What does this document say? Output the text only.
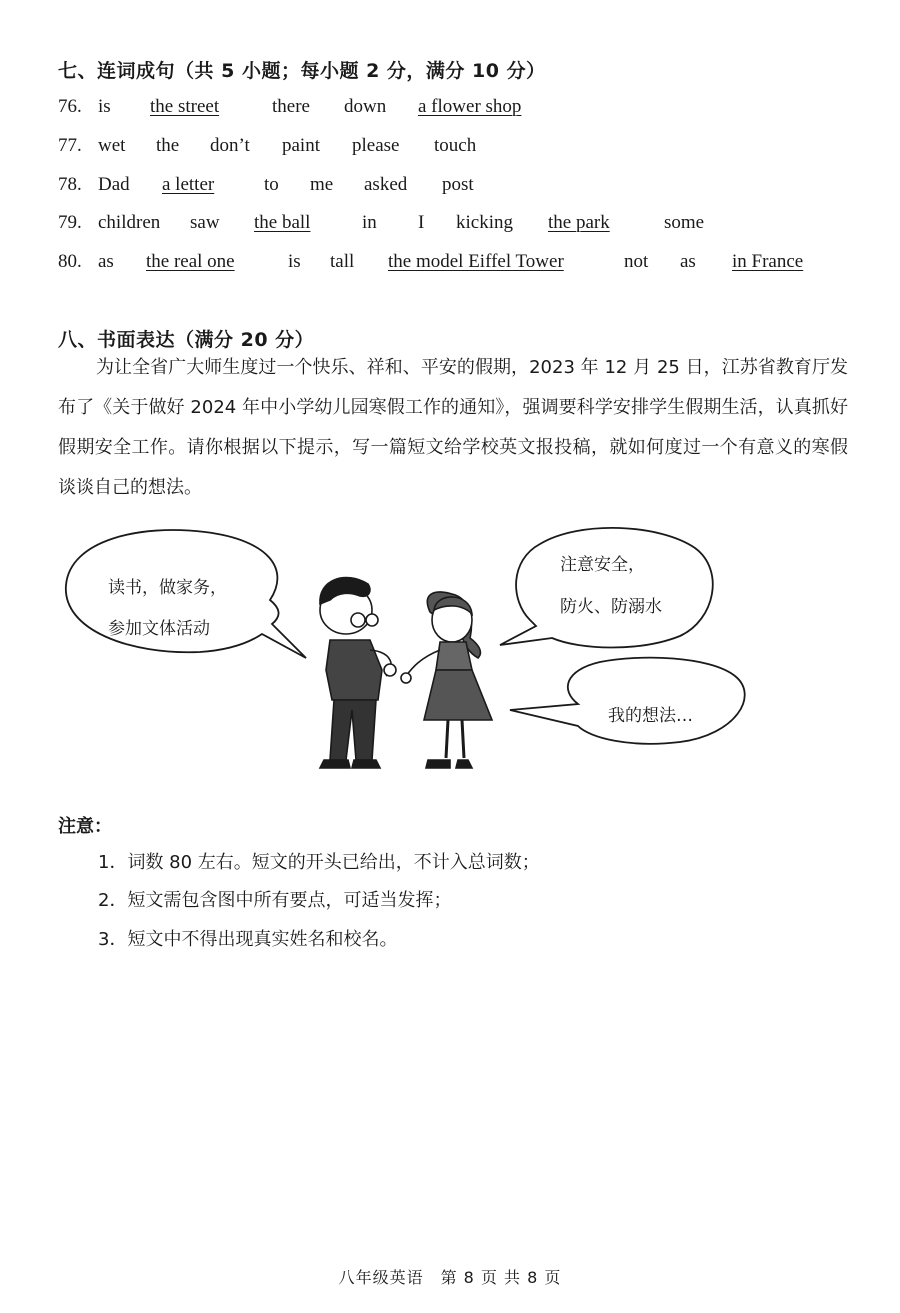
七、连词成句（共 5 小题；每小题 2 分，满分 10 分）
76. is the street	there down a flower shop
77. wet the don’t paint please touch
78. Dad a letter	to me asked post
79. children saw the ball	in I kicking the park	some
80. as the real one	is tall the model Eiffel Tower	not as in France
八、书面表达（满分 20 分）
为让全省广大师生度过一个快乐、祥和、平安的假期，2023 年 12 月 25 日，江苏省教育厅发布了《关于做好 2024 年中小学幼儿园寒假工作的通知》，强调要科学安排学生假期生活，认真抓好假期安全工作。请你根据以下提示，写一篇短文给学校英文报投稿，就如何度过一个有意义的寒假谈谈自己的想法。
读书，做家务，
参加文体活动
注意安全，
防火、防溺水
我的想法…
注意：
1．词数 80 左右。短文的开头已给出，不计入总词数；
2．短文需包含图中所有要点，可适当发挥；
3．短文中不得出现真实姓名和校名。
八年级英语　第 8 页 共 8 页
